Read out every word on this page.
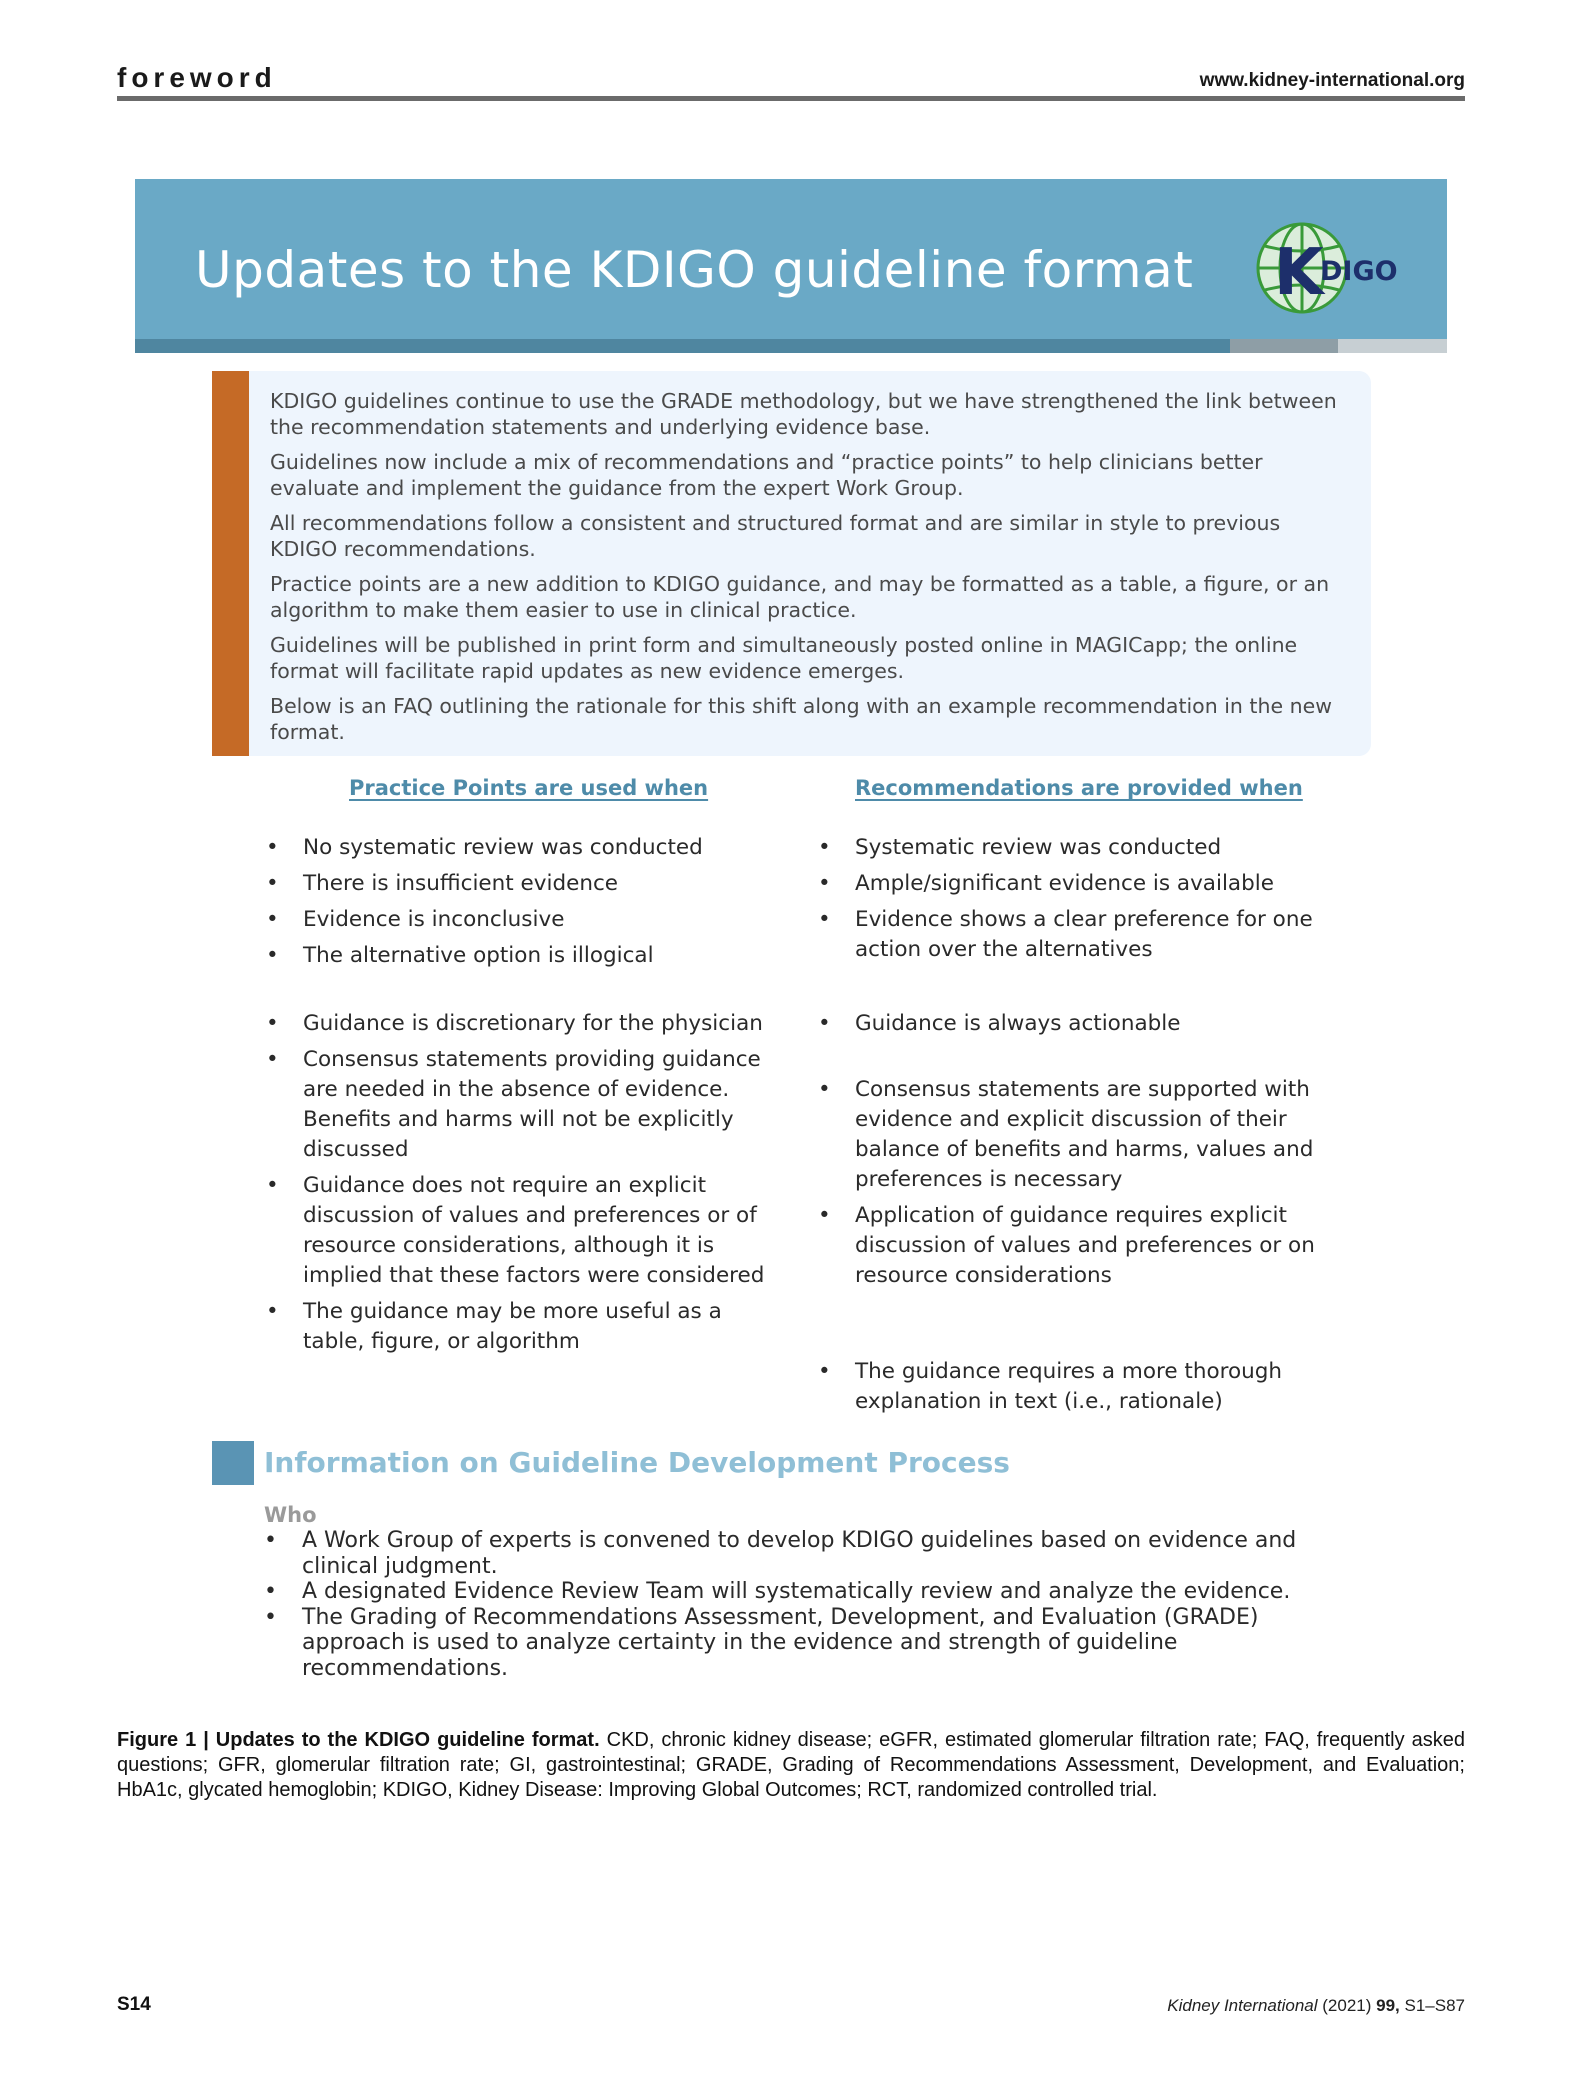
foreword	www.kidney-international.org
Updates to the KDIGO guideline format K
DIGO
KDIGO guidelines continue to use the GRADE methodology, but we have strengthened the link between the recommendation statements and underlying evidence base.
Guidelines now include a mix of recommendations and “practice points” to help clinicians better evaluate and implement the guidance from the expert Work Group.
All recommendations follow a consistent and structured format and are similar in style to previous KDIGO recommendations.
Practice points are a new addition to KDIGO guidance, and may be formatted as a table, a figure, or an algorithm to make them easier to use in clinical practice.
Guidelines will be published in print form and simultaneously posted online in MAGICapp; the online format will facilitate rapid updates as new evidence emerges.
Below is an FAQ outlining the rationale for this shift along with an example recommendation in the new format.
Practice Points are used when	Recommendations are provided when
• No systematic review was conducted
• There is insufficient evidence
• Evidence is inconclusive
• The alternative option is illogical
• Systematic review was conducted
• Ample/significant evidence is available
• Evidence shows a clear preference for one action over the alternatives
• Guidance is discretionary for the physician
• Consensus statements providing guidance are needed in the absence of evidence. Benefits and harms will not be explicitly discussed
• Guidance does not require an explicit discussion of values and preferences or of resource considerations, although it is implied that these factors were considered
• The guidance may be more useful as a table, figure, or algorithm
• Guidance is always actionable
• Consensus statements are supported with evidence and explicit discussion of their balance of benefits and harms, values and preferences is necessary
• Application of guidance requires explicit discussion of values and preferences or on resource considerations
• The guidance requires a more thorough explanation in text (i.e., rationale)
Information on Guideline Development Process
Who
• A Work Group of experts is convened to develop KDIGO guidelines based on evidence and clinical judgment.
• A designated Evidence Review Team will systematically review and analyze the evidence.
• The Grading of Recommendations Assessment, Development, and Evaluation (GRADE) approach is used to analyze certainty in the evidence and strength of guideline recommendations.
Figure 1 | Updates to the KDIGO guideline format. CKD, chronic kidney disease; eGFR, estimated glomerular filtration rate; FAQ, frequently asked questions; GFR, glomerular filtration rate; GI, gastrointestinal; GRADE, Grading of Recommendations Assessment, Development, and Evaluation; HbA1c, glycated hemoglobin; KDIGO, Kidney Disease: Improving Global Outcomes; RCT, randomized controlled trial.
S14	Kidney International (2021) 99, S1–S87
